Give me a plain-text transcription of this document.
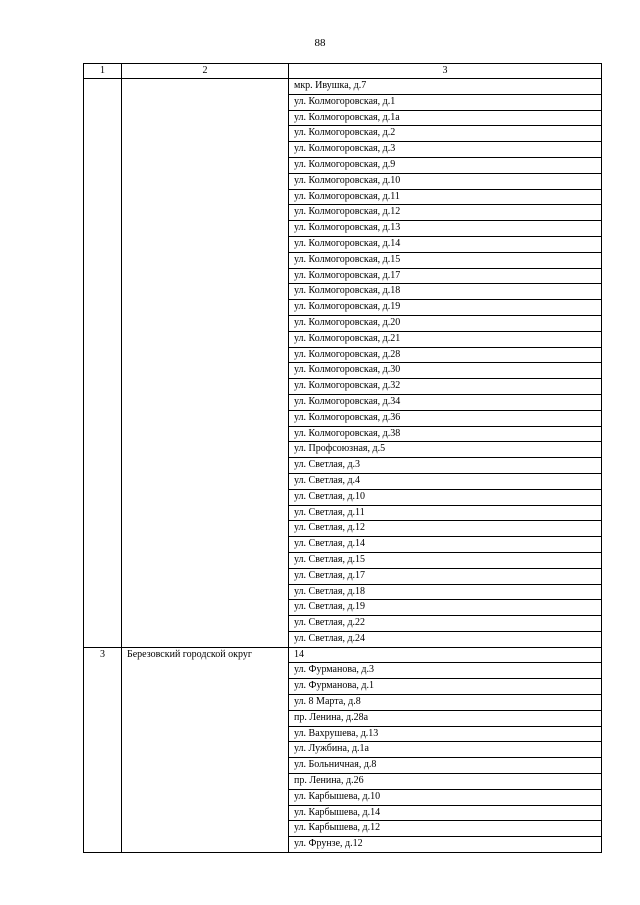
88
1	2	3
		мкр. Ивушка, д.7
		ул. Колмогоровская, д.1
		ул. Колмогоровская, д.1а
		ул. Колмогоровская, д.2
		ул. Колмогоровская, д.3
		ул. Колмогоровская, д.9
		ул. Колмогоровская, д.10
		ул. Колмогоровская, д.11
		ул. Колмогоровская, д.12
		ул. Колмогоровская, д.13
		ул. Колмогоровская, д.14
		ул. Колмогоровская, д.15
		ул. Колмогоровская, д.17
		ул. Колмогоровская, д.18
		ул. Колмогоровская, д.19
		ул. Колмогоровская, д.20
		ул. Колмогоровская, д.21
		ул. Колмогоровская, д.28
		ул. Колмогоровская, д.30
		ул. Колмогоровская, д.32
		ул. Колмогоровская, д.34
		ул. Колмогоровская, д.36
		ул. Колмогоровская, д.38
		ул. Профсоюзная, д.5
		ул. Светлая, д.3
		ул. Светлая, д.4
		ул. Светлая, д.10
		ул. Светлая, д.11
		ул. Светлая, д.12
		ул. Светлая, д.14
		ул. Светлая, д.15
		ул. Светлая, д.17
		ул. Светлая, д.18
		ул. Светлая, д.19
		ул. Светлая, д.22
		ул. Светлая, д.24
3	Березовский городской округ	14
		ул. Фурманова, д.3
		ул. Фурманова, д.1
		ул. 8 Марта, д.8
		пр. Ленина, д.28а
		ул. Вахрушева, д.13
		ул. Лужбина, д.1а
		ул. Больничная, д.8
		пр. Ленина, д.26
		ул. Карбышева, д.10
		ул. Карбышева, д.14
		ул. Карбышева, д.12
		ул. Фрунзе, д.12
